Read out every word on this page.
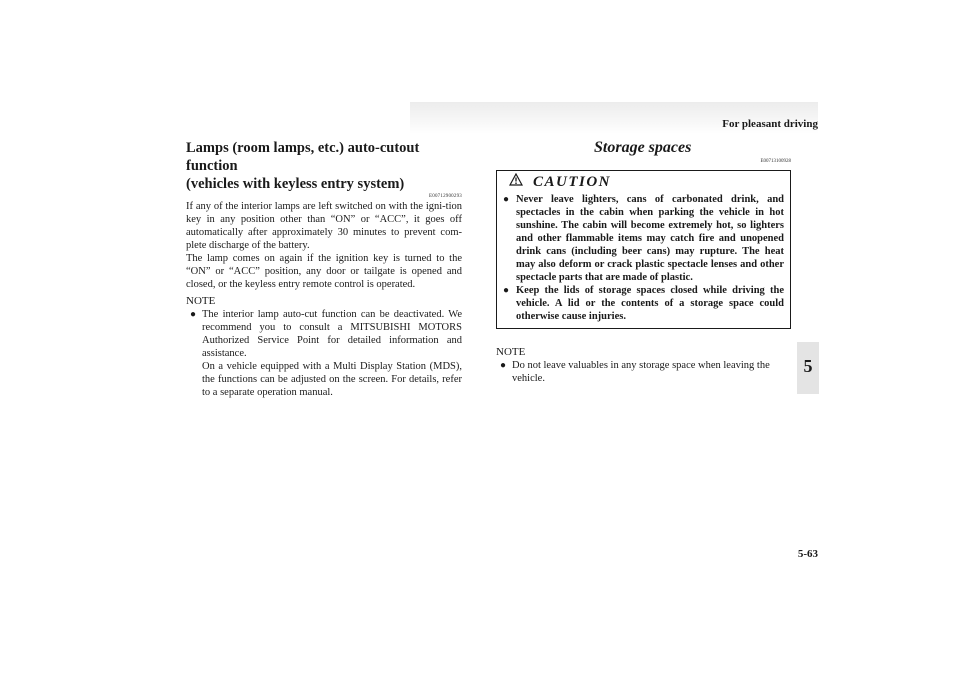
For pleasant driving
5

Lamps (room lamps, etc.) auto-cutout function

(vehicles with keyless entry system)

E00712900293

If any of the interior lamps are left switched on with the igni-tion key in any position other than “ON” or “ACC”, it goes off automatically after approximately 30 minutes to prevent com-plete discharge of the battery.

The lamp comes on again if the ignition key is turned to the “ON” or “ACC” position, any door or tailgate is opened and closed, or the keyless entry remote control is operated.

NOTE
● The interior lamp auto-cut function can be deactivated. We recommend you to consult a MITSUBISHI MOTORS Authorized Service Point for detailed information and assistance.

On a vehicle equipped with a Multi Display Station (MDS), the functions can be adjusted on the screen. For details, refer to a separate operation manual.

Storage spaces

E00713100928
CAUTION
● Never leave lighters, cans of carbonated drink, and spectacles in the cabin when parking the vehicle in hot sunshine. The cabin will become extremely hot, so lighters and other flammable items may catch fire and unopened drink cans (including beer cans) may rupture. The heat may also deform or crack plastic spectacle lenses and other spectacle parts that are made of plastic.

● Keep the lids of storage spaces closed while driving the vehicle. A lid or the contents of a storage space could otherwise cause injuries.

NOTE
● Do not leave valuables in any storage space when leaving the vehicle.

5-63
